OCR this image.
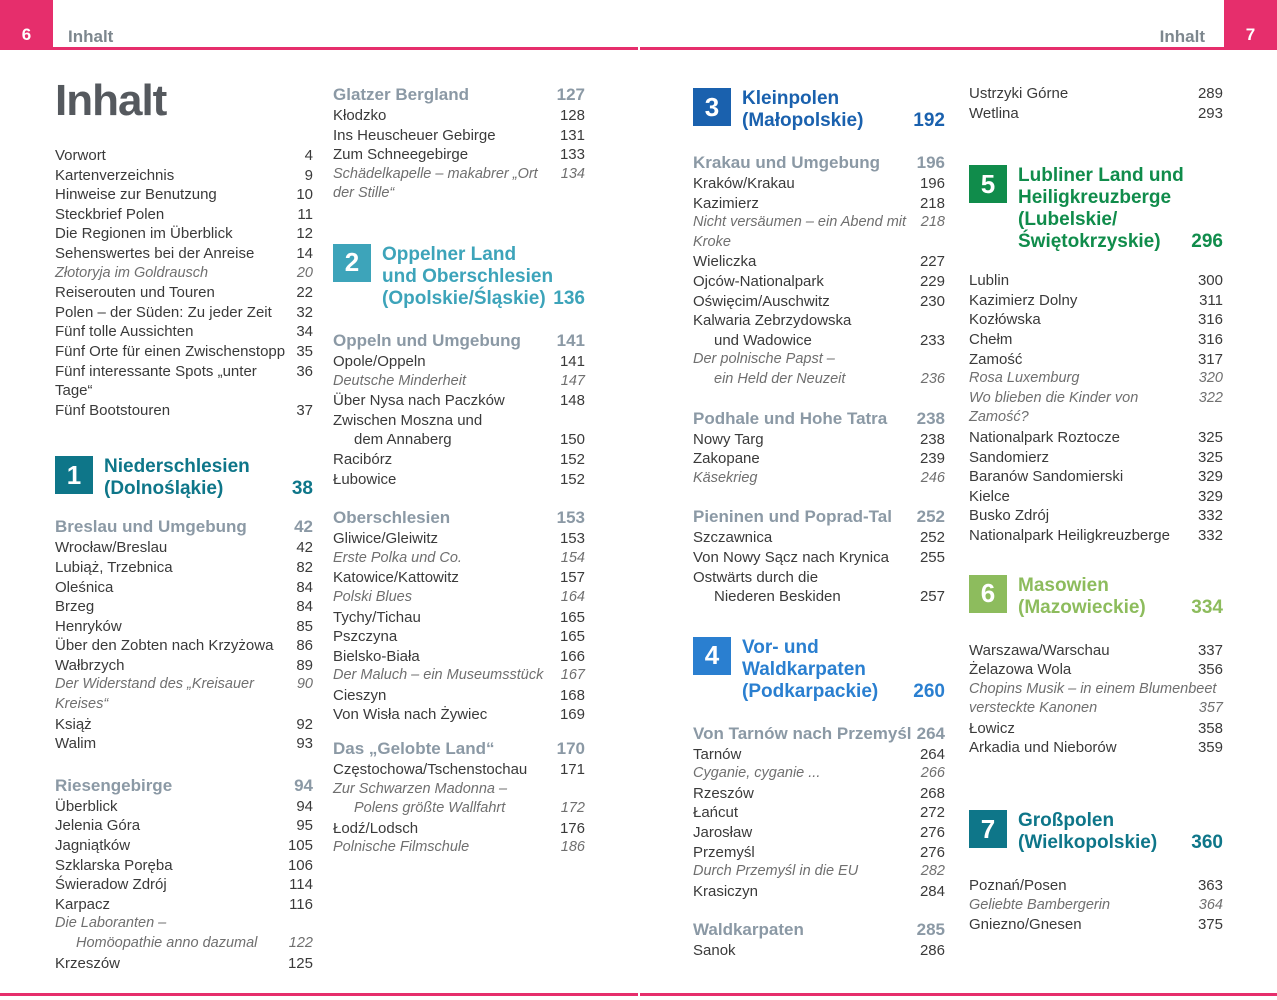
6	Inhalt	7
Inhalt
Inhalt
Vorwort	4
Kartenverzeichnis	9
Hinweise zur Benutzung	10
Steckbrief Polen	11
Die Regionen im Überblick	12
Sehenswertes bei der Anreise	14
Złotoryja im Goldrausch	20
Reiserouten und Touren	22
Polen – der Süden: Zu jeder Zeit	32
Fünf tolle Aussichten	34
Fünf Orte für einen Zwischenstopp 35
Fünf interessante Spots „unter Tage“
36
Fünf Bootstouren	37
1	Niederschlesien
(Dolnośląkie)	38
Breslau und Umgebung	42
Wrocław/Breslau	42
Lubiąż, Trzebnica	82
Oleśnica	84
Brzeg	84
Henryków	85
Über den Zobten nach Krzyżowa	86
Wałbrzych	89
Der Widerstand des „Kreisauer Kreises“
90
Książ	92
Walim	93
Riesengebirge	94
Überblick	94
Jelenia Góra	95
Jagniątków	105
Szklarska Poręba	106
Świeradow Zdrój	114
Karpacz	116
Die Laboranten –
Homöopathie anno dazumal	122
Krzeszów	125
Glatzer Bergland	127
Kłodzko	128
Ins Heuscheuer Gebirge	131
Zum Schneegebirge	133
Schädelkapelle – makabrer „Ort der Stille“
134
2	Oppelner Land
und Oberschlesien
(Opolskie/Śląskie) 136
Oppeln und Umgebung 141
Opole/Oppeln	141
Deutsche Minderheit	147
Über Nysa nach Paczków	148
Zwischen Moszna und
dem Annaberg	150
Racibórz	152
Łubowice	152
Oberschlesien	153
Gliwice/Gleiwitz	153
Erste Polka und Co.	154
Katowice/Kattowitz	157
Polski Blues	164
Tychy/Tichau	165
Pszczyna	165
Bielsko-Biała	166
Der Maluch – ein Museumsstück	167
Cieszyn	168
Von Wisła nach Żywiec	169
Das „Gelobte Land“	170
Częstochowa/Tschenstochau	171
Zur Schwarzen Madonna –
Polens größte Wallfahrt	172
Łodź/Lodsch	176
Polnische Filmschule	186
3	Kleinpolen
(Małopolskie)	192
Krakau und Umgebung 196
Kraków/Krakau	196
Kazimierz	218
Nicht versäumen – ein Abend mit Kroke
218
Wieliczka	227
Ojców-Nationalpark	229
Oświęcim/Auschwitz	230
Kalwaria Zebrzydowska
und Wadowice	233
Der polnische Papst –
ein Held der Neuzeit	236
Podhale und Hohe Tatra 238
Nowy Targ	238
Zakopane	239
Käsekrieg	246
Pieninen und Poprad-Tal 252
Szczawnica	252
Von Nowy Sącz nach Krynica	255
Ostwärts durch die
Niederen Beskiden	257
4	Vor- und
Waldkarpaten
(Podkarpackie)	260
Von Tarnów nach Przemyśl 264
Tarnów	264
Cyganie, cyganie ...	266
Rzeszów	268
Łańcut	272
Jarosław	276
Przemyśl	276
Durch Przemyśl in die EU	282
Krasiczyn	284
Waldkarpaten	285
Sanok	286
Ustrzyki Górne	289
Wetlina	293
5	Lubliner Land und
Heiligkreuzberge
(Lubelskie/
Świętokrzyskie)	296
Lublin	300
Kazimierz Dolny	311
Kozłówska	316
Chełm	316
Zamość	317
Rosa Luxemburg	320
Wo blieben die Kinder von Zamość?
322
Nationalpark Roztocze	325
Sandomierz	325
Baranów Sandomierski	329
Kielce	329
Busko Zdrój	332
Nationalpark Heiligkreuzberge	332
6	Masowien
(Mazowieckie)	334
Warszawa/Warschau	337
Żelazowa Wola	356
Chopins Musik – in einem Blumenbeet
versteckte Kanonen	357
Łowicz	358
Arkadia und Nieborów	359
7	Großpolen
(Wielkopolskie)	360
Poznań/Posen	363
Geliebte Bambergerin	364
Gniezno/Gnesen	375
